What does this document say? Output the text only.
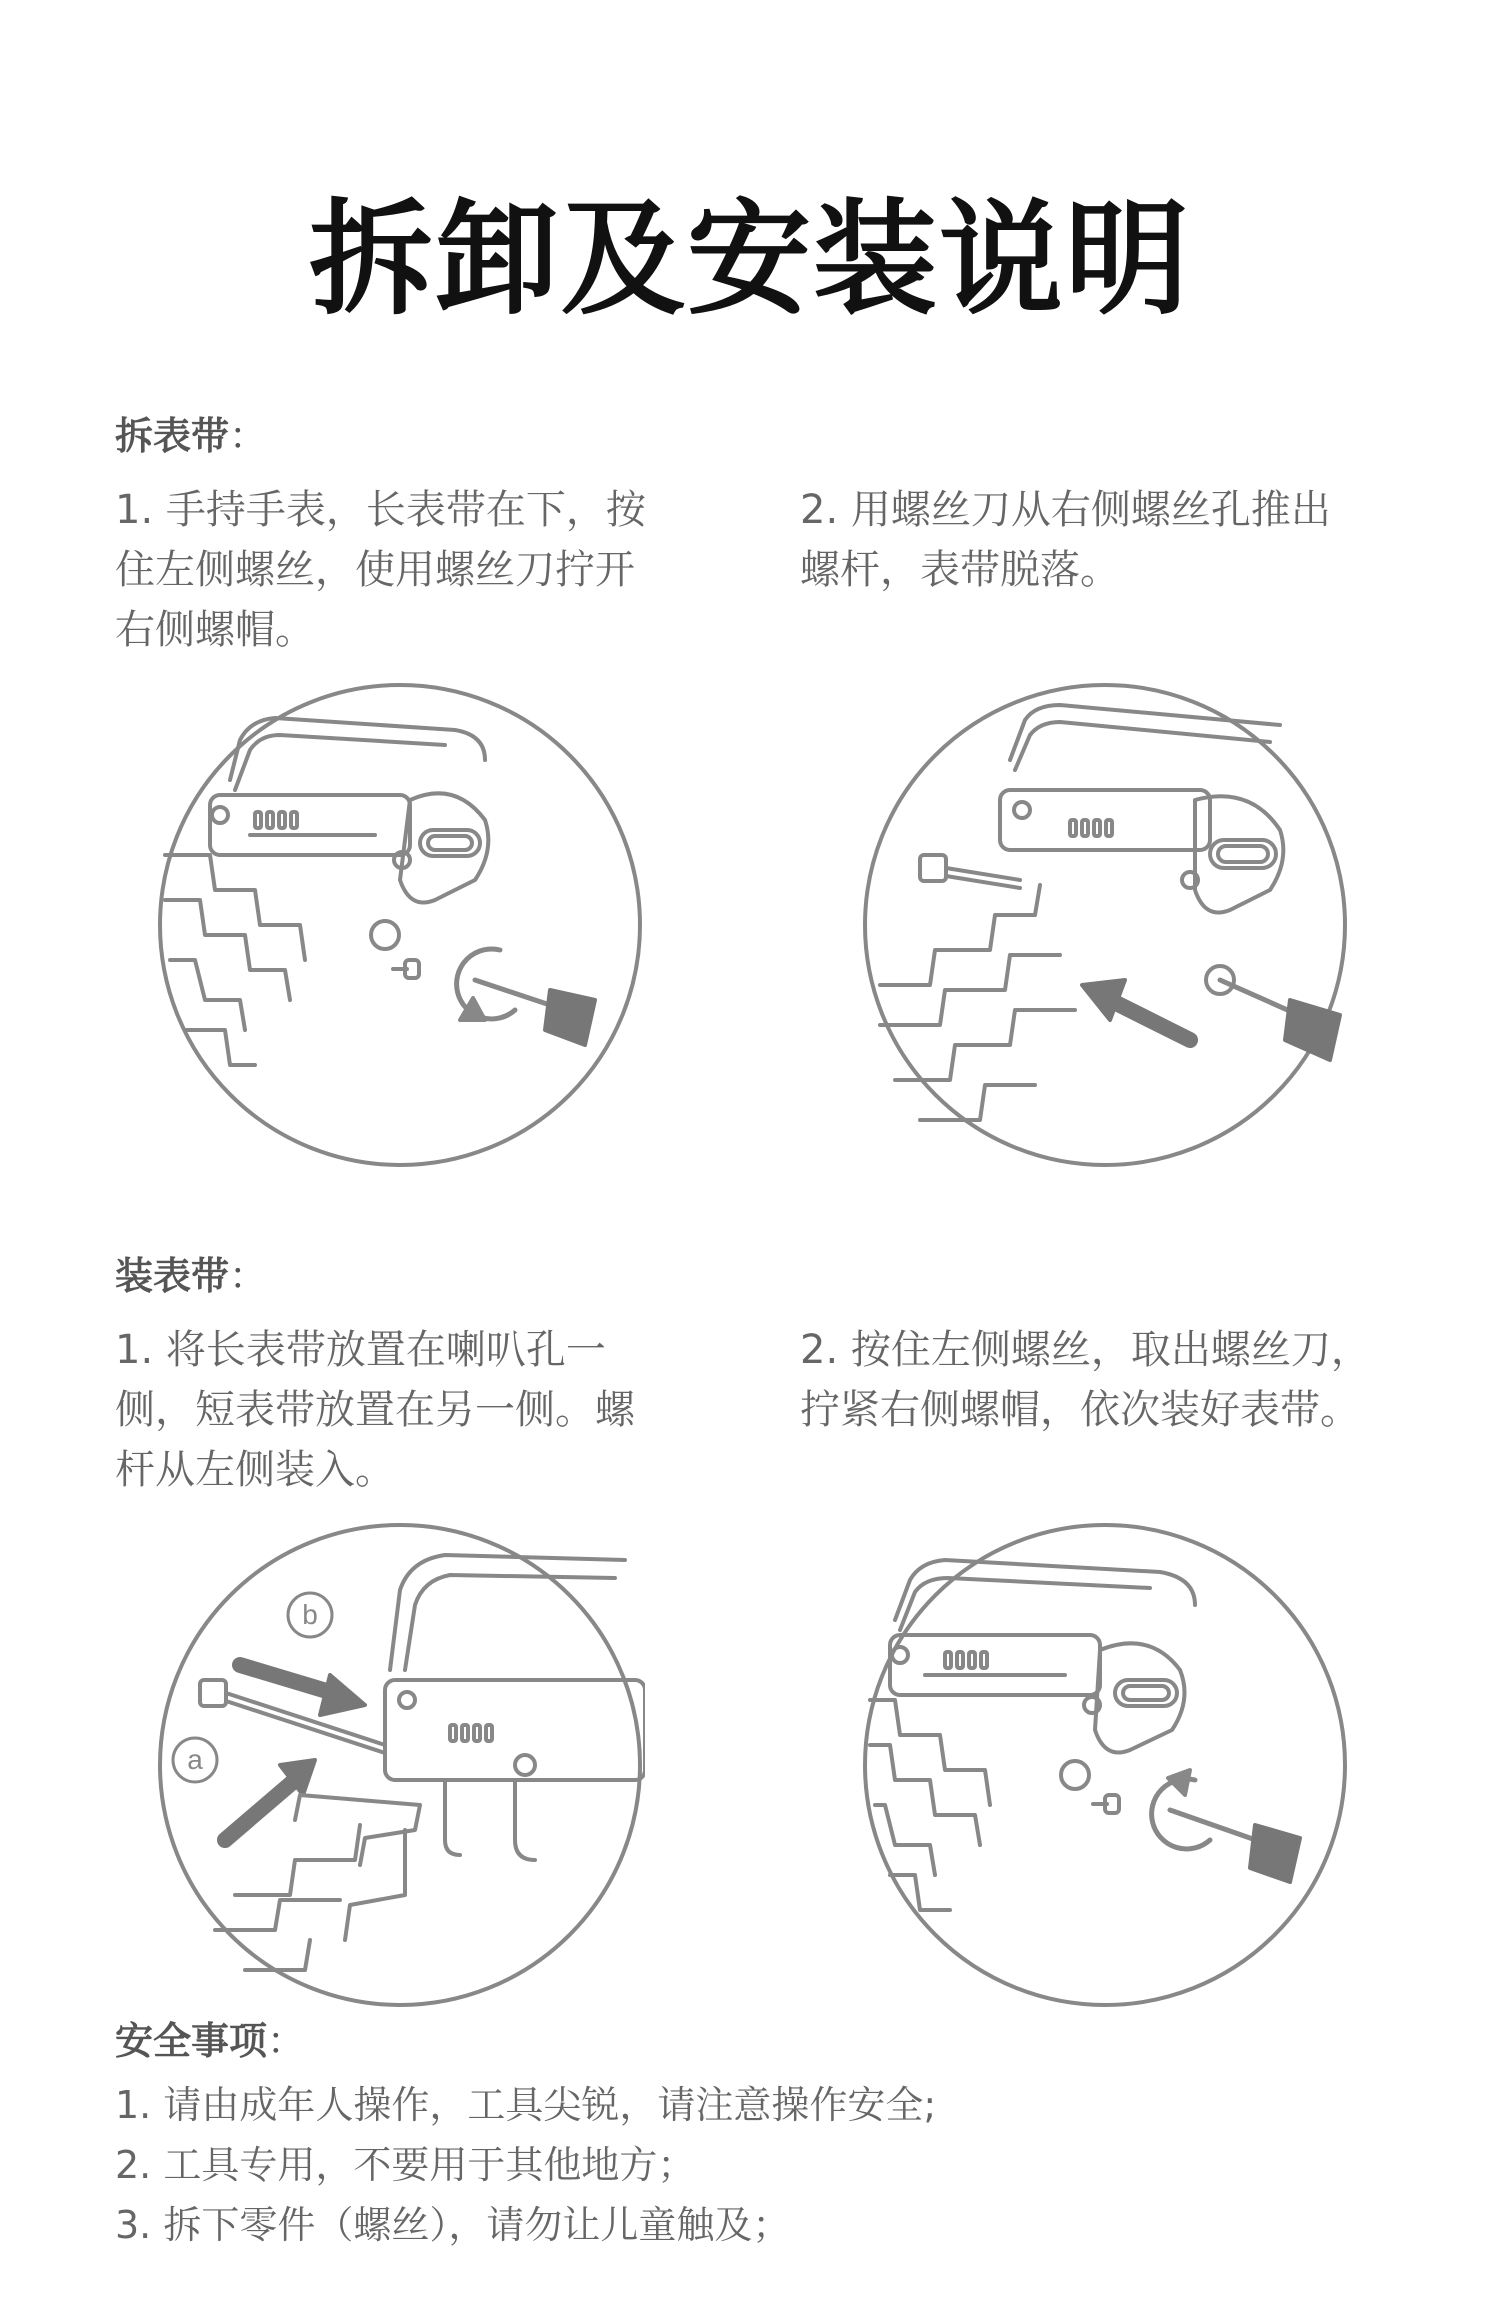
拆卸及安装说明
拆表带：
1. 手持手表，长表带在下，按
住左侧螺丝，使用螺丝刀拧开
右侧螺帽。
2. 用螺丝刀从右侧螺丝孔推出
螺杆，表带脱落。
装表带：
1. 将长表带放置在喇叭孔一
侧，短表带放置在另一侧。螺
杆从左侧装入。
2. 按住左侧螺丝，取出螺丝刀，
拧紧右侧螺帽，依次装好表带。
b
a
安全事项：
1. 请由成年人操作，工具尖锐，请注意操作安全;
2. 工具专用，不要用于其他地方；
3. 拆下零件（螺丝），请勿让儿童触及；
